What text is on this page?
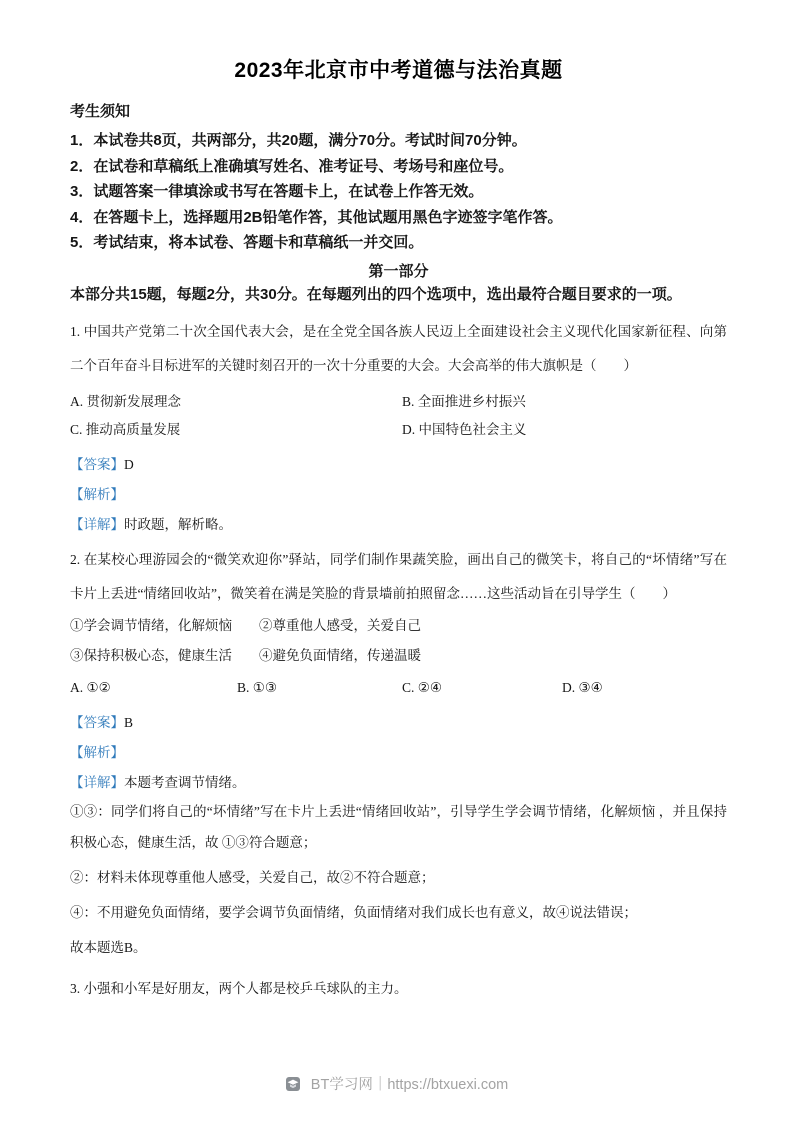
2023年北京市中考道德与法治真题
考生须知
1．本试卷共8页，共两部分，共20题，满分70分。考试时间70分钟。
2．在试卷和草稿纸上准确填写姓名、准考证号、考场号和座位号。
3．试题答案一律填涂或书写在答题卡上，在试卷上作答无效。
4．在答题卡上，选择题用2B铅笔作答，其他试题用黑色字迹签字笔作答。
5．考试结束，将本试卷、答题卡和草稿纸一并交回。
第一部分
本部分共15题，每题2分，共30分。在每题列出的四个选项中，选出最符合题目要求的一项。
1. 中国共产党第二十次全国代表大会，是在全党全国各族人民迈上全面建设社会主义现代化国家新征程、向第二个百年奋斗目标进军的关键时刻召开的一次十分重要的大会。大会高举的伟大旗帜是（　　）
A. 贯彻新发展理念	B. 全面推进乡村振兴
C. 推动高质量发展	D. 中国特色社会主义
【答案】D
【解析】
【详解】时政题，解析略。
2. 在某校心理游园会的“微笑欢迎你”驿站，同学们制作果蔬笑脸，画出自己的微笑卡，将自己的“坏情绪”写在卡片上丢进“情绪回收站”，微笑着在满是笑脸的背景墙前拍照留念……这些活动旨在引导学生（　　）
①学会调节情绪，化解烦恼　　②尊重他人感受，关爱自己
③保持积极心态，健康生活　　④避免负面情绪，传递温暖
A. ①②	B. ①③	C. ②④	D. ③④
【答案】B
【解析】
【详解】本题考查调节情绪。
①③：同学们将自己的“坏情绪”写在卡片上丢进“情绪回收站”，引导学生学会调节情绪，化解烦恼 ，并且保持积极心态，健康生活，故 ①③符合题意；
②：材料未体现尊重他人感受，关爱自己，故②不符合题意；
④：不用避免负面情绪，要学会调节负面情绪，负面情绪对我们成长也有意义，故④说法错误；
故本题选B。
3. 小强和小军是好朋友，两个人都是校乒乓球队的主力。
BT学习网｜https://btxuexi.com
